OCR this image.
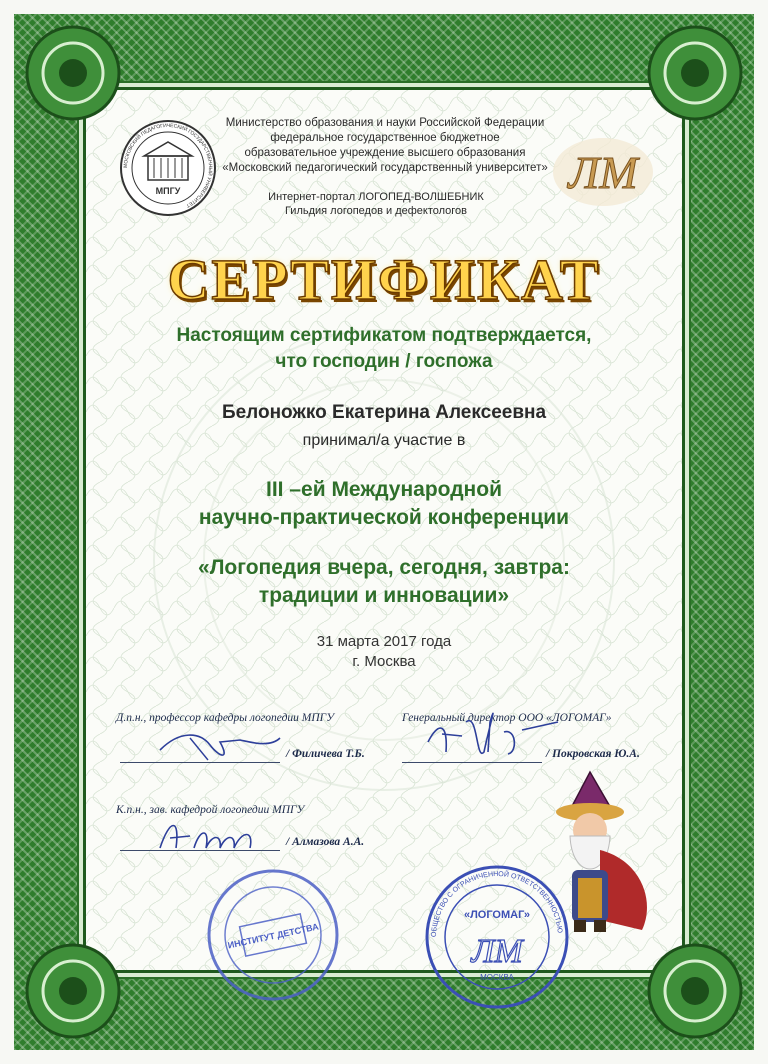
МПГУ
МОСКОВСКИЙ ПЕДАГОГИЧЕСКИЙ ГОСУДАРСТВЕННЫЙ УНИВЕРСИТЕТ
ЛМ
Министерство образования и науки Российской Федерации
федеральное государственное бюджетное
образовательное учреждение высшего образования
«Московский педагогический государственный университет»
Интернет-портал ЛОГОПЕД-ВОЛШЕБНИК
Гильдия логопедов и дефектологов
СЕРТИФИКАТ
Настоящим сертификатом подтверждается,
что господин / госпожа
Белоножко Екатерина Алексеевна
принимал/а участие в
III –ей Международной
научно-практической конференции
«Логопедия вчера, сегодня, завтра:
традиции и инновации»
31 марта 2017 года
г. Москва
Д.п.н., профессор кафедры логопедии МПГУ
/ Филичева Т.Б.
Генеральный директор ООО «ЛОГОМАГ»
/ Покровская Ю.А.
К.п.н., зав. кафедрой логопедии МПГУ
/ Алмазова А.А.
ИНСТИТУТ ДЕТСТВА	ОБЩЕСТВО С ОГРАНИЧЕННОЙ ОТВЕТСТВЕННОСТЬЮ
«ЛОГОМАГ»
ЛМ
МОСКВА
